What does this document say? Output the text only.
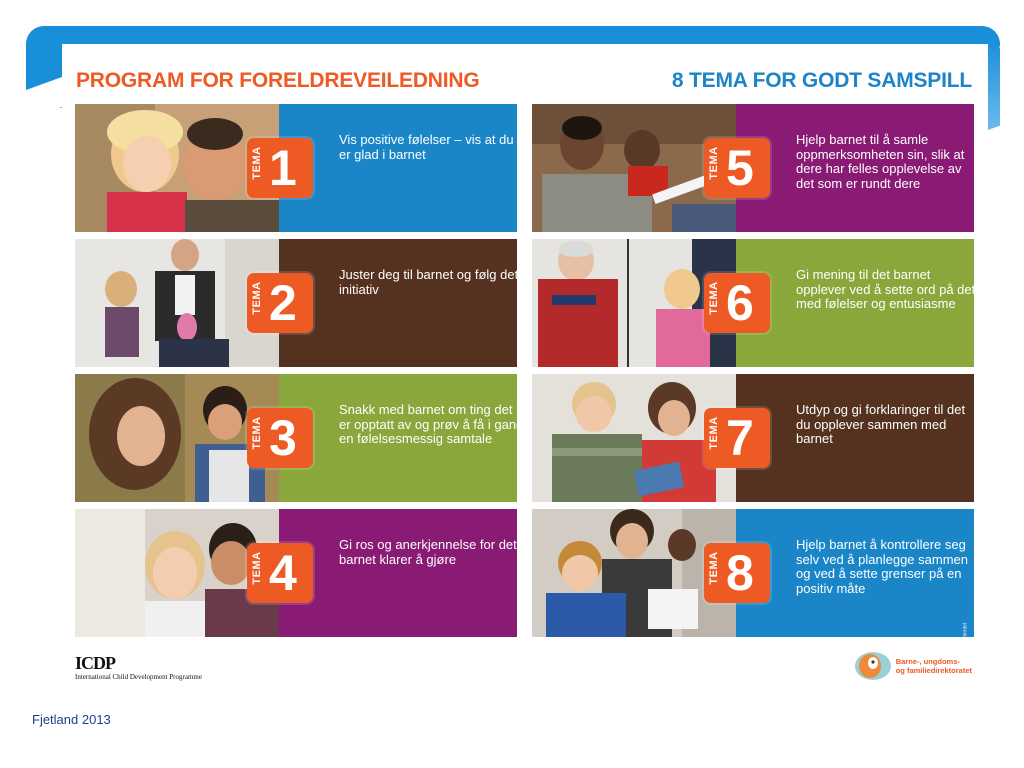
PROGRAM FOR FORELDREVEILEDNING	8 TEMA FOR GODT SAMSPILL
Vis positive følelser – vis at du er glad i barnet
TEMA 1
Juster deg til barnet og følg dets initiativ
TEMA 2
Snakk med barnet om ting det er opptatt av og prøv å få i gang en følelsesmessig samtale
TEMA 3
Gi ros og anerkjennelse for det barnet klarer å gjøre
TEMA 4
Hjelp barnet til å samle oppmerksomheten sin, slik at dere har felles opplevelse av det som er rundt dere
TEMA 5
Gi mening til det barnet opplever ved å sette ord på det, med følelser og entusiasme
TEMA 6
Utdyp og gi forklaringer til det du opplever sammen med barnet
TEMA 7
Hjelp barnet å kontrollere seg selv ved å planlegge sammen og ved å sette grenser på en positiv måte
Foto: Ilja Hendel
TEMA 8
ICDP
International Child Development Programme
Barne-, ungdoms-
og familiedirektoratet
Fjetland 2013
